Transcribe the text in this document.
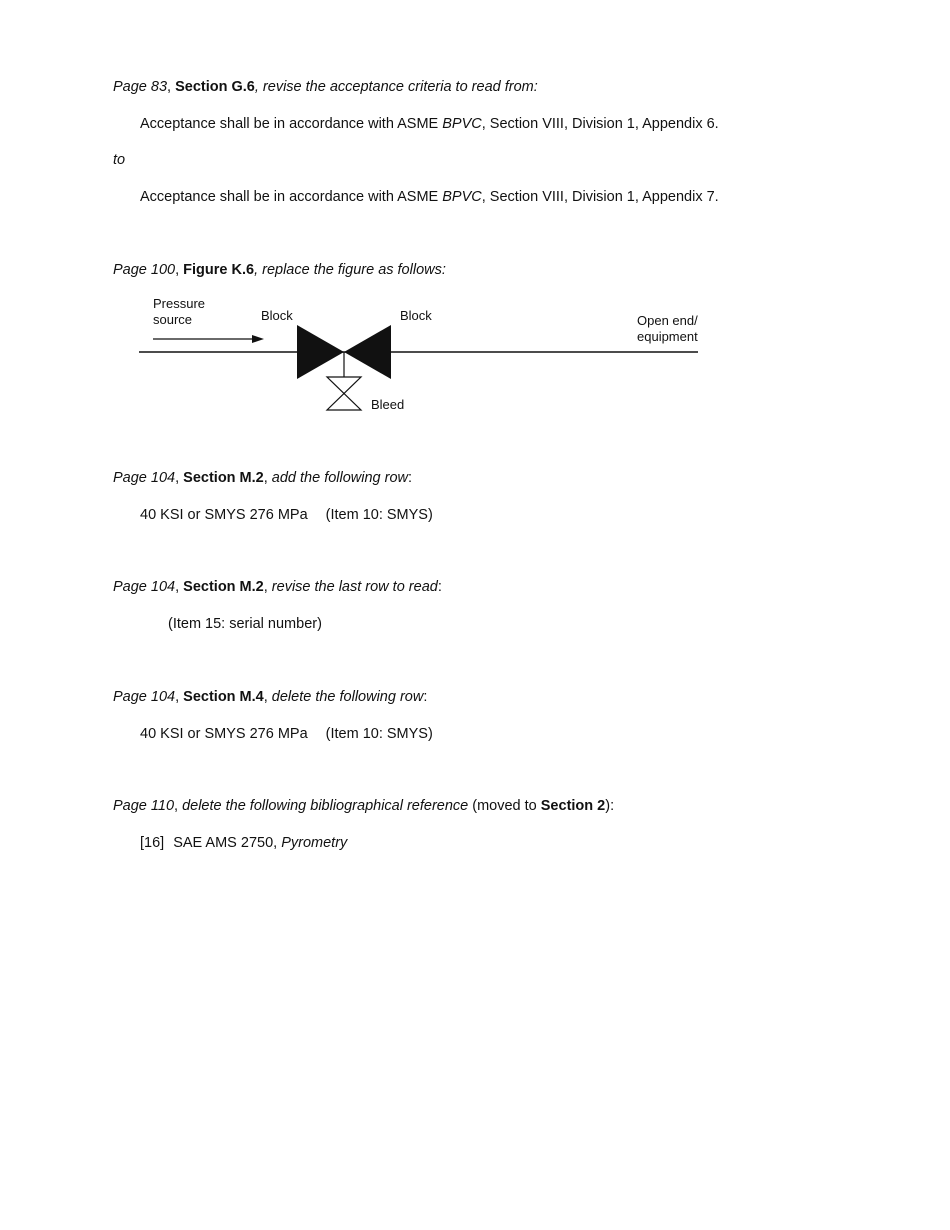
Page 83, Section G.6, revise the acceptance criteria to read from:
Acceptance shall be in accordance with ASME BPVC, Section VIII, Division 1, Appendix 6.
to
Acceptance shall be in accordance with ASME BPVC, Section VIII, Division 1, Appendix 7.
Page 100, Figure K.6, replace the figure as follows:
Pressure
source	Block	Block	Open end/
equipment
Bleed
Page 104, Section M.2, add the following row:
40 KSI or SMYS 276 MPa (Item 10: SMYS)
Page 104, Section M.2, revise the last row to read:
(Item 15: serial number)
Page 104, Section M.4, delete the following row:
40 KSI or SMYS 276 MPa (Item 10: SMYS)
Page 110, delete the following bibliographical reference (moved to Section 2):
[16] SAE AMS 2750, Pyrometry
